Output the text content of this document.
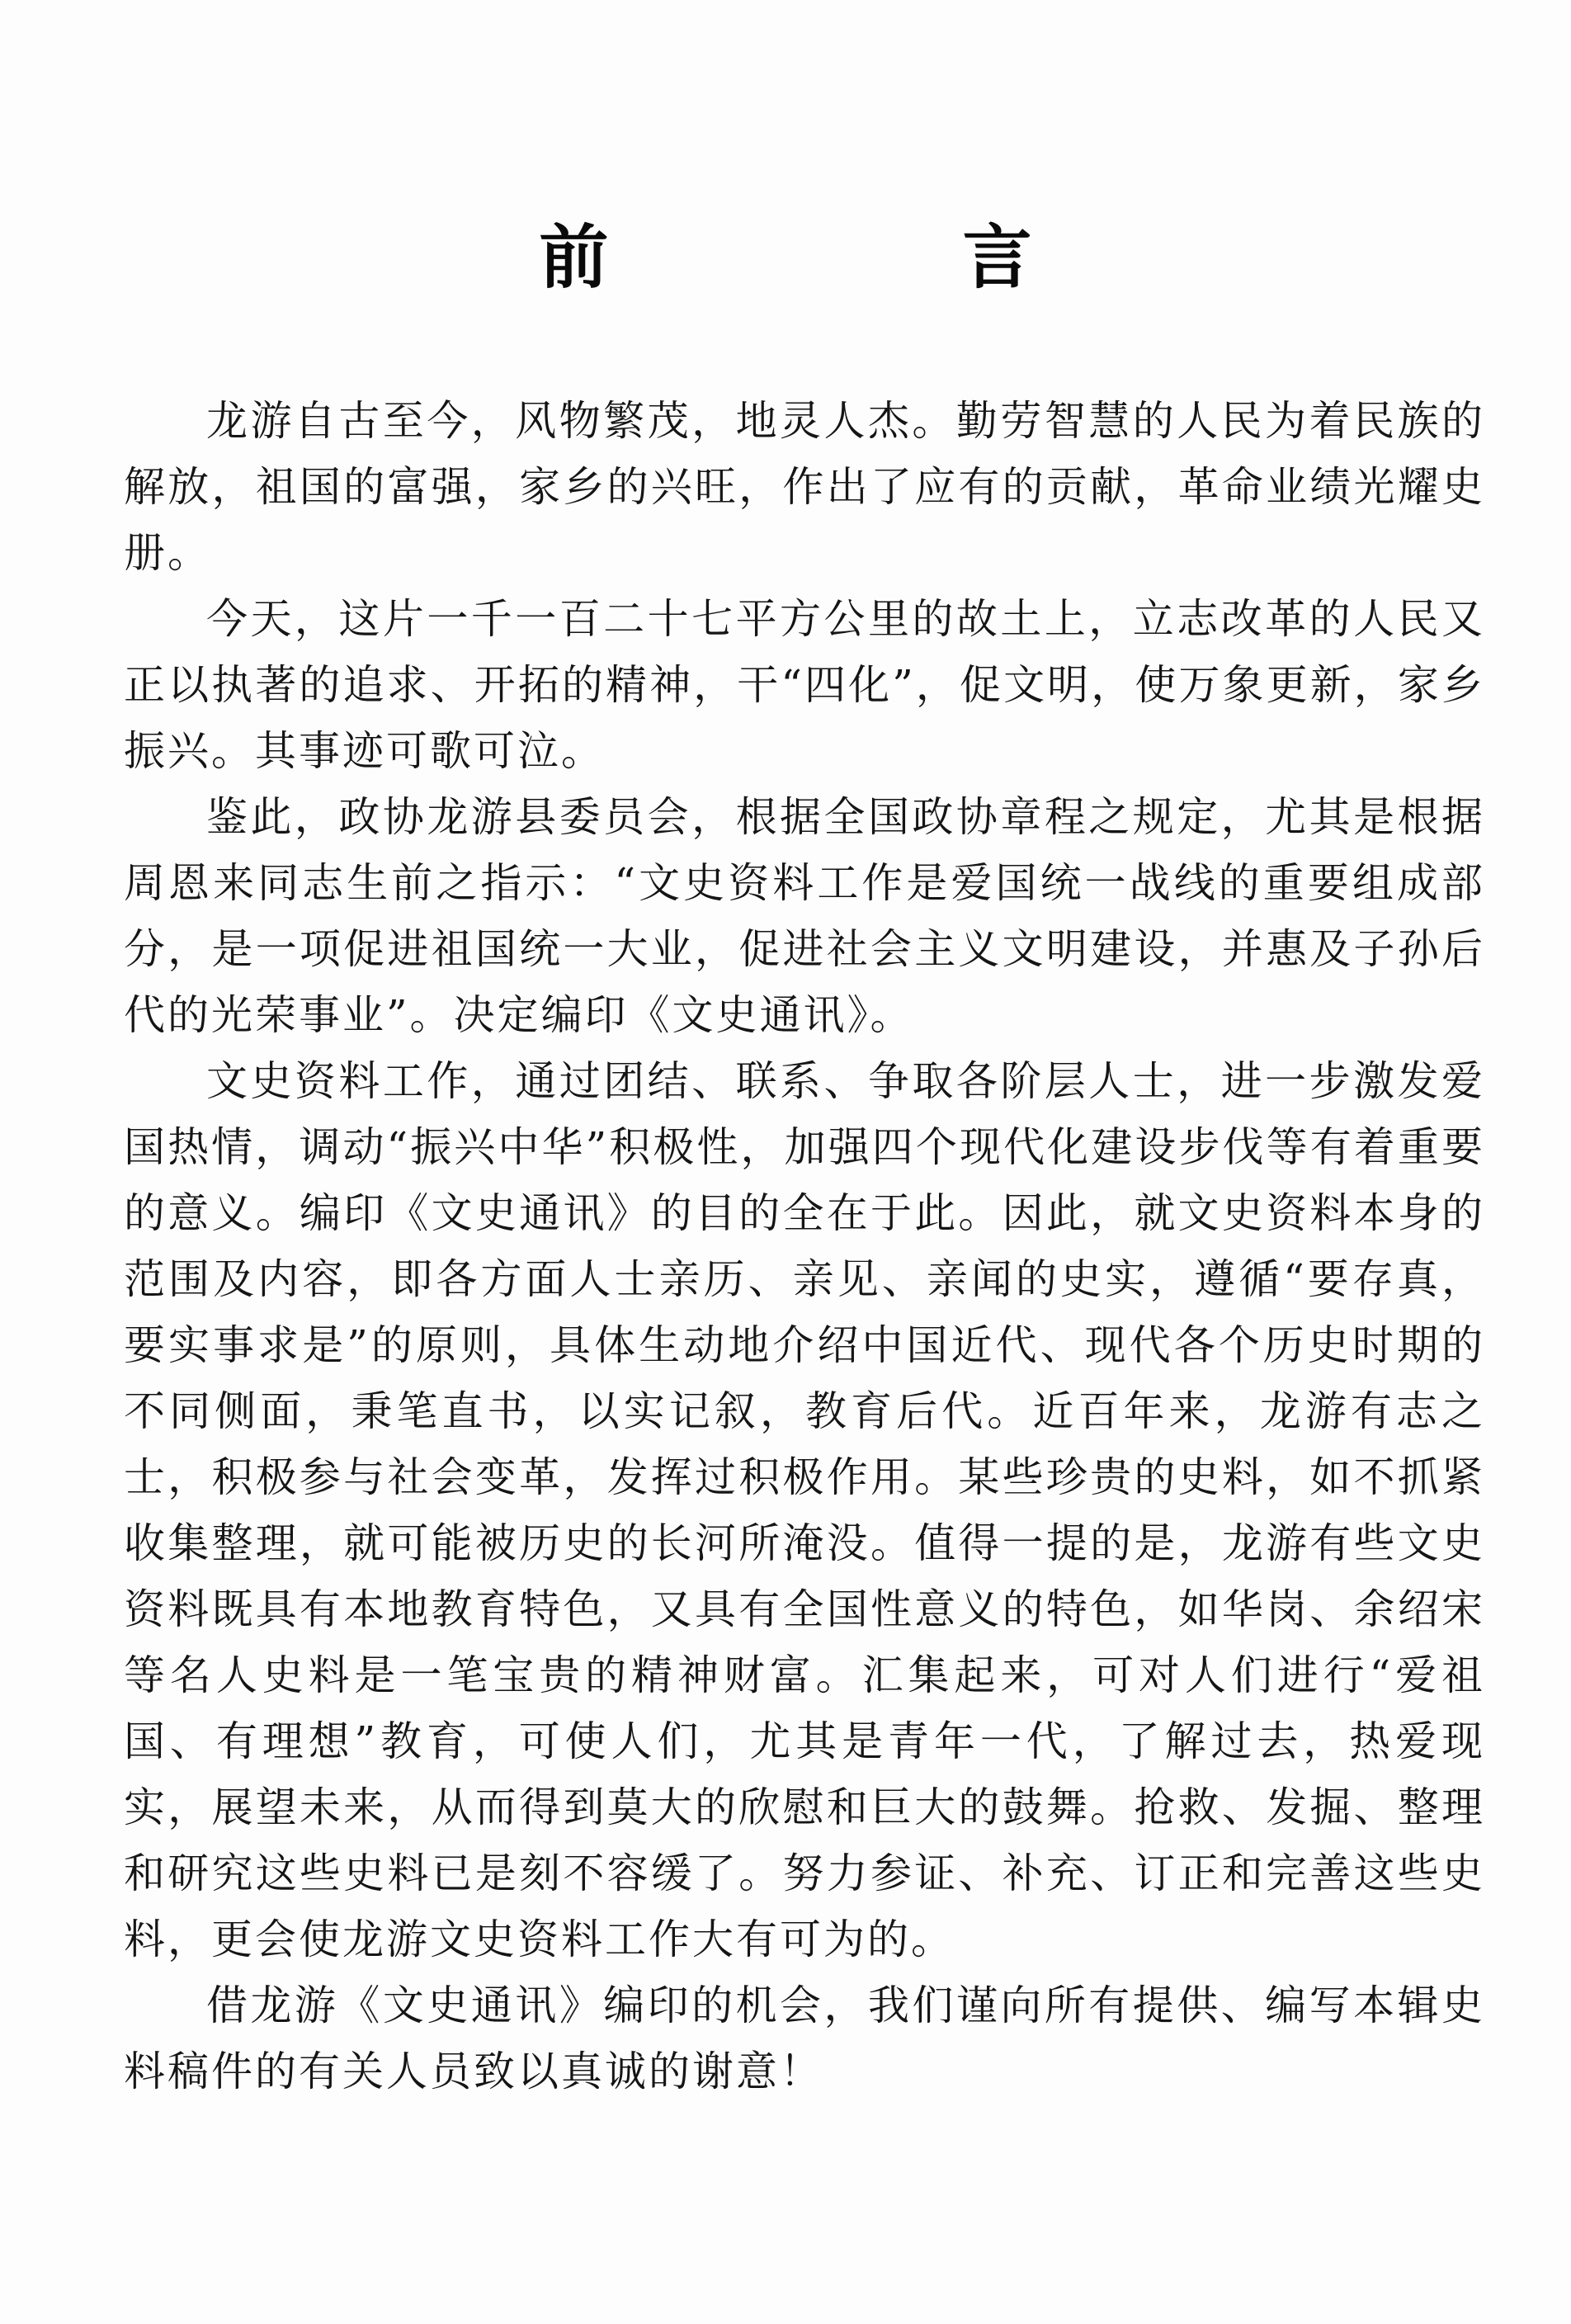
前 言

龙游自古至今，风物繁茂，地灵人杰。勤劳智慧的人民为着民族的解放，祖国的富强，家乡的兴旺，作出了应有的贡献，革命业绩光耀史册。

今天，这片一千一百二十七平方公里的故土上，立志改革的人民又正以执著的追求、开拓的精神，干“四化”，促文明，使万象更新，家乡振兴。其事迹可歌可泣。

鉴此，政协龙游县委员会，根据全国政协章程之规定，尤其是根据周恩来同志生前之指示：“文史资料工作是爱国统一战线的重要组成部分，是一项促进祖国统一大业，促进社会主义文明建设，并惠及子孙后代的光荣事业”。决定编印《文史通讯》。

文史资料工作，通过团结、联系、争取各阶层人士，进一步激发爱国热情，调动“振兴中华”积极性，加强四个现代化建设步伐等有着重要的意义。编印《文史通讯》的目的全在于此。因此，就文史资料本身的范围及内容，即各方面人士亲历、亲见、亲闻的史实，遵循“要存真，要实事求是”的原则，具体生动地介绍中国近代、现代各个历史时期的不同侧面，秉笔直书，以实记叙，教育后代。近百年来，龙游有志之士，积极参与社会变革，发挥过积极作用。某些珍贵的史料，如不抓紧收集整理，就可能被历史的长河所淹没。值得一提的是，龙游有些文史资料既具有本地教育特色，又具有全国性意义的特色，如华岗、余绍宋等名人史料是一笔宝贵的精神财富。汇集起来，可对人们进行“爱祖国、有理想”教育，可使人们，尤其是青年一代，了解过去，热爱现实，展望未来，从而得到莫大的欣慰和巨大的鼓舞。抢救、发掘、整理和研究这些史料已是刻不容缓了。努力参证、补充、订正和完善这些史料，更会使龙游文史资料工作大有可为的。

借龙游《文史通讯》编印的机会，我们谨向所有提供、编写本辑史料稿件的有关人员致以真诚的谢意！
